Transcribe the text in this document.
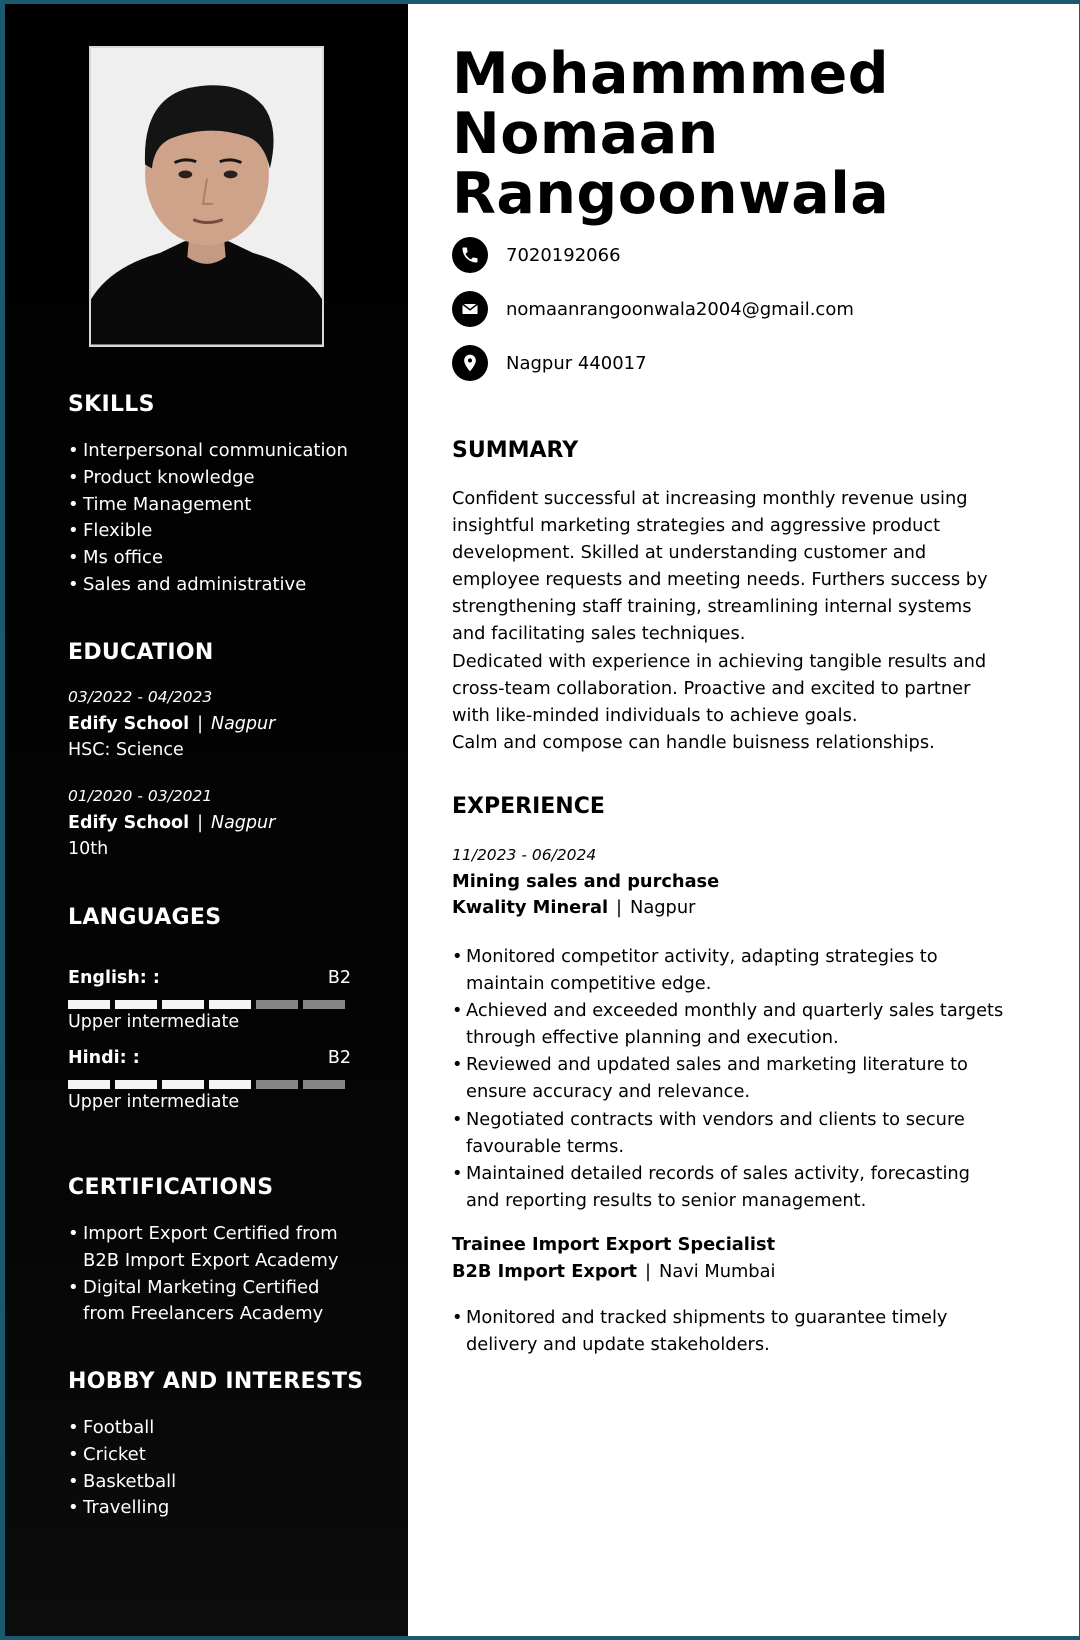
SKILLS
• Interpersonal communication
• Product knowledge
• Time Management
• Flexible
• Ms office
• Sales and administrative
EDUCATION
03/2022 - 04/2023
Edify School | Nagpur
HSC: Science
01/2020 - 03/2021
Edify School | Nagpur
10th
LANGUAGES
English: :	B2
Upper intermediate
Hindi: :	B2
Upper intermediate
CERTIFICATIONS
• Import Export Certified from
B2B Import Export Academy
• Digital Marketing Certified
from Freelancers Academy
HOBBY AND INTERESTS
• Football
• Cricket
• Basketball
• Travelling
Mohammmed
Nomaan
Rangoonwala
7020192066
nomaanrangoonwala2004@gmail.com
Nagpur 440017
SUMMARY
Confident successful at increasing monthly revenue using
insightful marketing strategies and aggressive product
development. Skilled at understanding customer and
employee requests and meeting needs. Furthers success by
strengthening staff training, streamlining internal systems
and facilitating sales techniques.
Dedicated with experience in achieving tangible results and
cross-team collaboration. Proactive and excited to partner
with like-minded individuals to achieve goals.
Calm and compose can handle buisness relationships.
EXPERIENCE
11/2023 - 06/2024
Mining sales and purchase
Kwality Mineral | Nagpur
• Monitored competitor activity, adapting strategies to
maintain competitive edge.
• Achieved and exceeded monthly and quarterly sales targets
through effective planning and execution.
• Reviewed and updated sales and marketing literature to
ensure accuracy and relevance.
• Negotiated contracts with vendors and clients to secure
favourable terms.
• Maintained detailed records of sales activity, forecasting
and reporting results to senior management.
Trainee Import Export Specialist
B2B Import Export | Navi Mumbai
• Monitored and tracked shipments to guarantee timely
delivery and update stakeholders.
